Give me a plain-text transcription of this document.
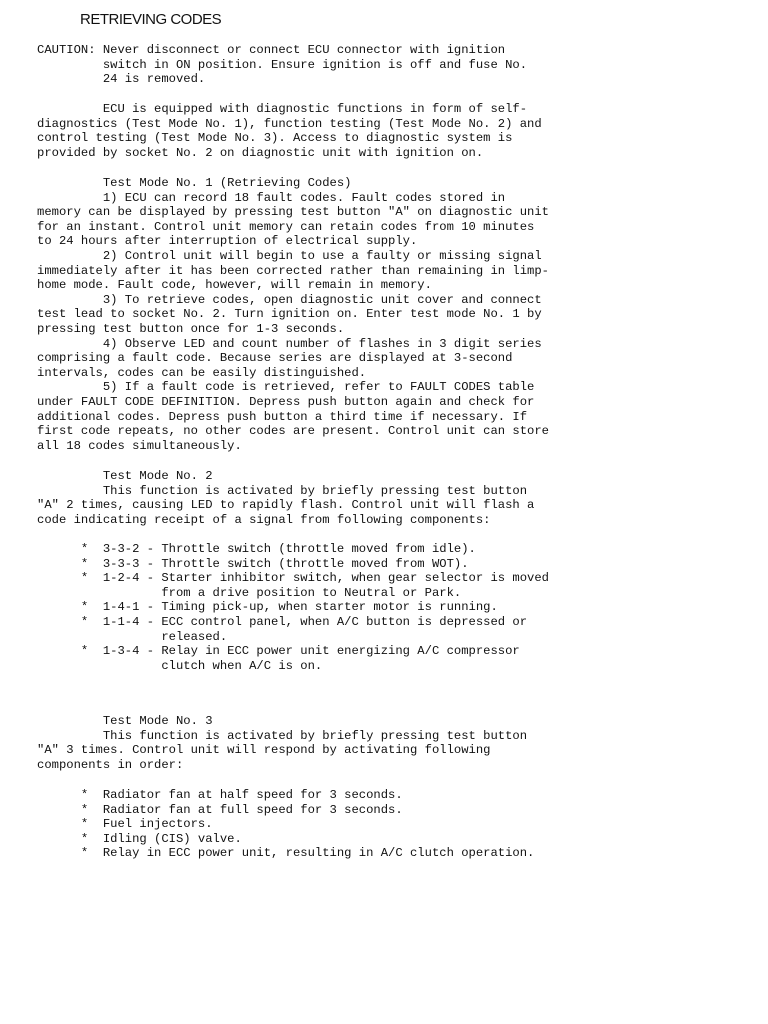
RETRIEVING CODES
CAUTION: Never disconnect or connect ECU connector with ignition
switch in ON position. Ensure ignition is off and fuse No.
24 is removed.
ECU is equipped with diagnostic functions in form of self-
diagnostics (Test Mode No. 1), function testing (Test Mode No. 2) and
control testing (Test Mode No. 3). Access to diagnostic system is
provided by socket No. 2 on diagnostic unit with ignition on.
Test Mode No. 1 (Retrieving Codes)
1) ECU can record 18 fault codes. Fault codes stored in
memory can be displayed by pressing test button "A" on diagnostic unit
for an instant. Control unit memory can retain codes from 10 minutes
to 24 hours after interruption of electrical supply.
2) Control unit will begin to use a faulty or missing signal
immediately after it has been corrected rather than remaining in limp-
home mode. Fault code, however, will remain in memory.
3) To retrieve codes, open diagnostic unit cover and connect
test lead to socket No. 2. Turn ignition on. Enter test mode No. 1 by
pressing test button once for 1-3 seconds.
4) Observe LED and count number of flashes in 3 digit series
comprising a fault code. Because series are displayed at 3-second
intervals, codes can be easily distinguished.
5) If a fault code is retrieved, refer to FAULT CODES table
under FAULT CODE DEFINITION. Depress push button again and check for
additional codes. Depress push button a third time if necessary. If
first code repeats, no other codes are present. Control unit can store
all 18 codes simultaneously.
Test Mode No. 2
This function is activated by briefly pressing test button
"A" 2 times, causing LED to rapidly flash. Control unit will flash a
code indicating receipt of a signal from following components:
*  3-3-2 - Throttle switch (throttle moved from idle).
*  3-3-3 - Throttle switch (throttle moved from WOT).
*  1-2-4 - Starter inhibitor switch, when gear selector is moved
from a drive position to Neutral or Park.
*  1-4-1 - Timing pick-up, when starter motor is running.
*  1-1-4 - ECC control panel, when A/C button is depressed or
released.
*  1-3-4 - Relay in ECC power unit energizing A/C compressor
clutch when A/C is on.
Test Mode No. 3
This function is activated by briefly pressing test button
"A" 3 times. Control unit will respond by activating following
components in order:
*  Radiator fan at half speed for 3 seconds.
*  Radiator fan at full speed for 3 seconds.
*  Fuel injectors.
*  Idling (CIS) valve.
*  Relay in ECC power unit, resulting in A/C clutch operation.
